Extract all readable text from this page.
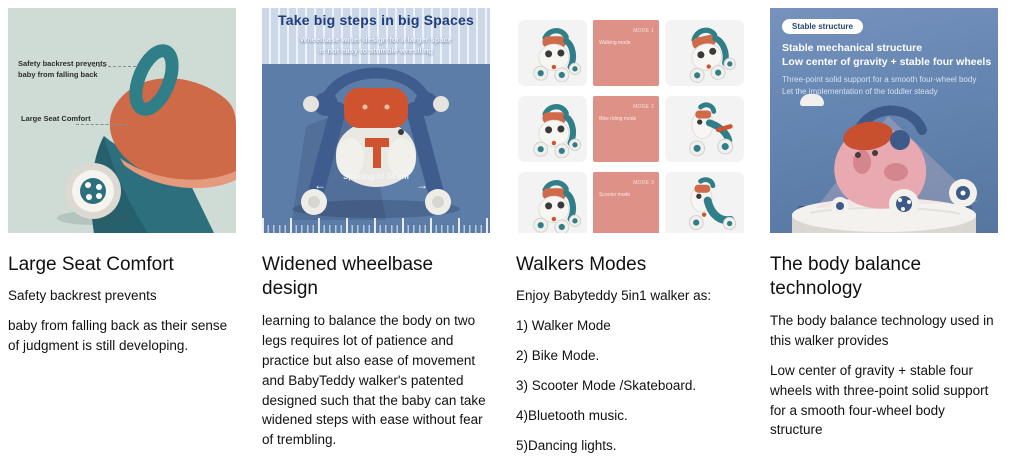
Safety backrest prevents
baby from falling back
Large Seat Comfort
Large Seat Comfort

Safety backrest prevents

baby from falling back as their sense of judgment is still developing.

Take big steps in big Spaces
Wheelbase wider design for a larger space
is not easy to stumble wrestling
Spacing of 34 cm
←	→
Widened wheelbase design

learning to balance the body on two legs requires lot of patience and practice but also ease of movement and BabyTeddy walker's patented designed such that the baby can take widened steps with ease without fear of trembling.

MODE 1
Walking mode
MODE 2
Bike riding mode
MODE 3
Scooter mode
Walkers Modes

Enjoy Babyteddy 5in1 walker as:

1) Walker Mode

2) Bike Mode.

3) Scooter Mode /Skateboard.

4)Bluetooth music.

5)Dancing lights.

Stable structure
Stable mechanical structure
Low center of gravity + stable four wheels
Three-point solid support for a smooth four-wheel body
Let the implementation of the toddler steady
The body balance technology

The body balance technology used in this walker provides

Low center of gravity + stable four wheels with three-point solid support for a smooth four-wheel body structure
